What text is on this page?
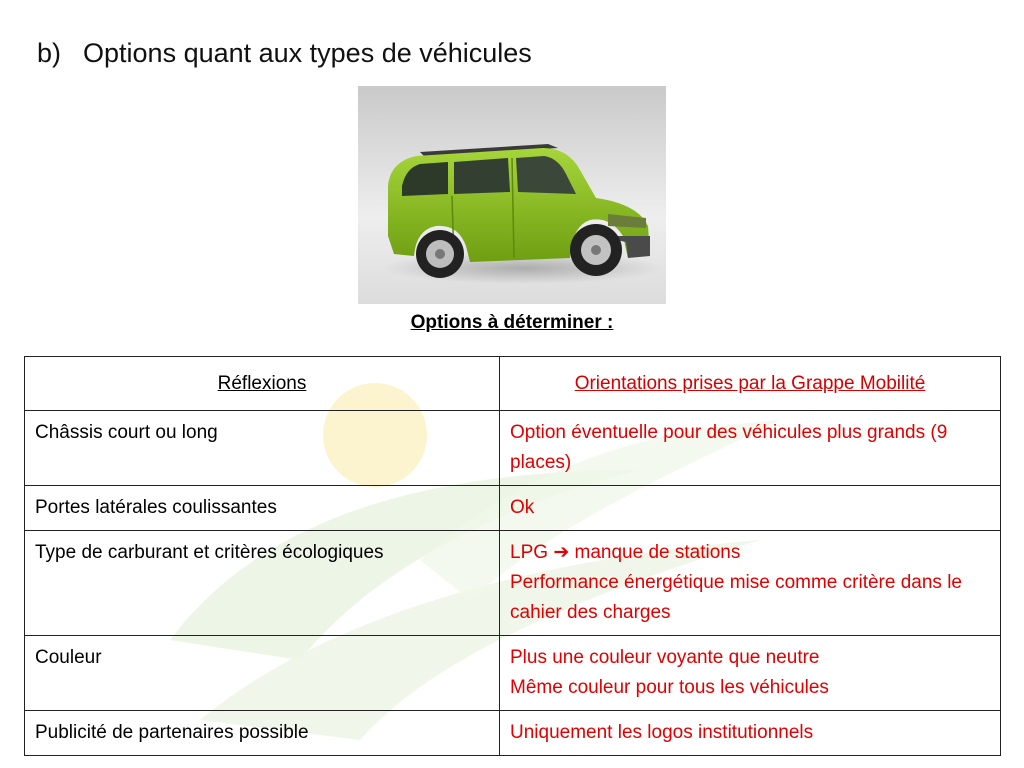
b) Options quant aux types de véhicules
Options à déterminer :
Réflexions	Orientations prises par la Grappe Mobilité
Châssis court ou long	Option éventuelle pour des véhicules plus grands (9 places)

Portes latérales coulissantes	Ok

Type de carburant et critères écologiques	LPG ➔ manque de stations
Performance énergétique mise comme critère dans le cahier des charges

Couleur	Plus une couleur voyante que neutre
Même couleur pour tous les véhicules

Publicité de partenaires possible	Uniquement les logos institutionnels
